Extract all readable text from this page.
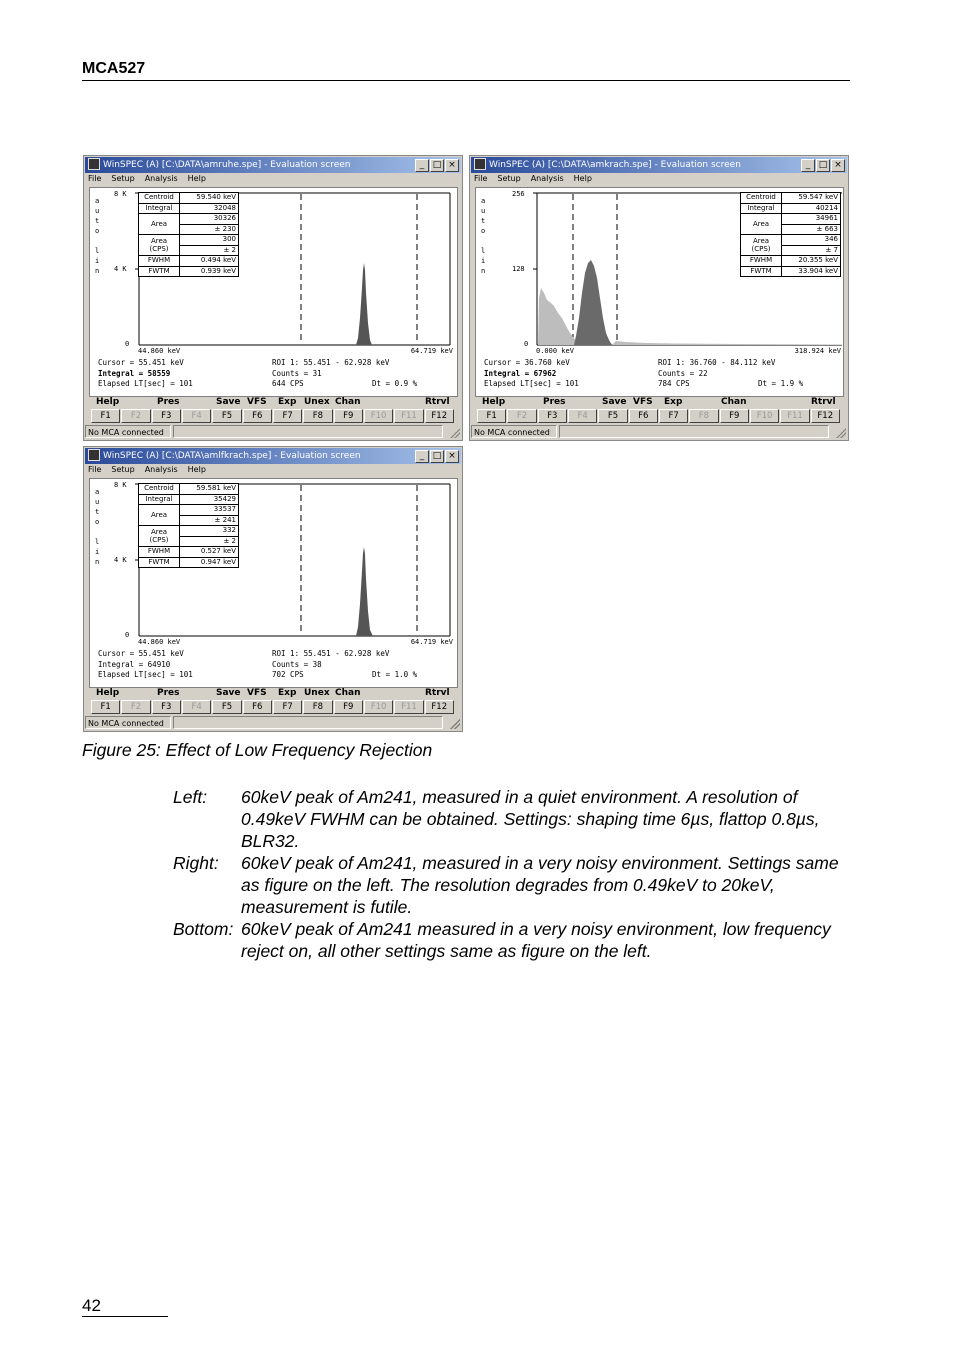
MCA527
WinSPEC (A) [C:\DATA\amruhe.spe] - Evaluation screen	_ □ ×
File Setup Analysis Help
a
u
t
o

l
i
n
8 K
4 K
0
Centroid	59.540 keV
Integral	32048
Area	30326
	± 230
Area
(CPS)	300
	± 2
FWHM	0.494 keV
FWTM	0.939 keV
44.860 keV	64.719 keV
Cursor = 55.451 keV
Integral = 58559
Elapsed LT[sec] = 101
ROI 1: 55.451 - 62.928 keV
Counts = 31
644 CPS	Dt = 0.9 %
Help	Pres	Save VFS Exp Unex Chan	Rtrvl
F1	F2	F3	F4	F5	F6	F7	F8	F9	F10	F11	F12
No MCA connected
WinSPEC (A) [C:\DATA\amkrach.spe] - Evaluation screen	_ □ ×
File Setup Analysis Help
a
u
t
o

l
i
n
256
128
0
Centroid	59.547 keV
Integral	40214
Area	34961
	± 663
Area
(CPS)	346
	± 7
FWHM	20.355 keV
FWTM	33.904 keV
0.000 keV	318.924 keV
Cursor = 36.760 keV
Integral = 67962
Elapsed LT[sec] = 101
ROI 1: 36.760 - 84.112 keV
Counts = 22
784 CPS	Dt = 1.9 %
Help	Pres	Save VFS Exp	Chan	Rtrvl
F1	F2	F3	F4	F5	F6	F7	F8	F9	F10	F11	F12
No MCA connected
WinSPEC (A) [C:\DATA\amlfkrach.spe] - Evaluation screen	_ □ ×
File Setup Analysis Help
a
u
t
o

l
i
n
8 K
4 K
0
Centroid	59.581 keV
Integral	35429
Area	33537
	± 241
Area
(CPS)	332
	± 2
FWHM	0.527 keV
FWTM	0.947 keV
44.860 keV	64.719 keV
Cursor = 55.451 keV
Integral = 64910
Elapsed LT[sec] = 101
ROI 1: 55.451 - 62.928 keV
Counts = 38
702 CPS	Dt = 1.0 %
Help	Pres	Save VFS Exp Unex Chan	Rtrvl
F1	F2	F3	F4	F5	F6	F7	F8	F9	F10	F11	F12
No MCA connected
Figure 25: Effect of Low Frequency Rejection
Left:	60keV peak of Am241, measured in a quiet environment. A resolution of 0.49keV FWHM can be obtained. Settings: shaping time 6µs, flattop 0.8µs, BLR32.
Right:	60keV peak of Am241, measured in a very noisy environment. Settings same as figure on the left. The resolution degrades from 0.49keV to 20keV, measurement is futile.
Bottom: 60keV peak of Am241 measured in a very noisy environment, low frequency reject on, all other settings same as figure on the left.
42
